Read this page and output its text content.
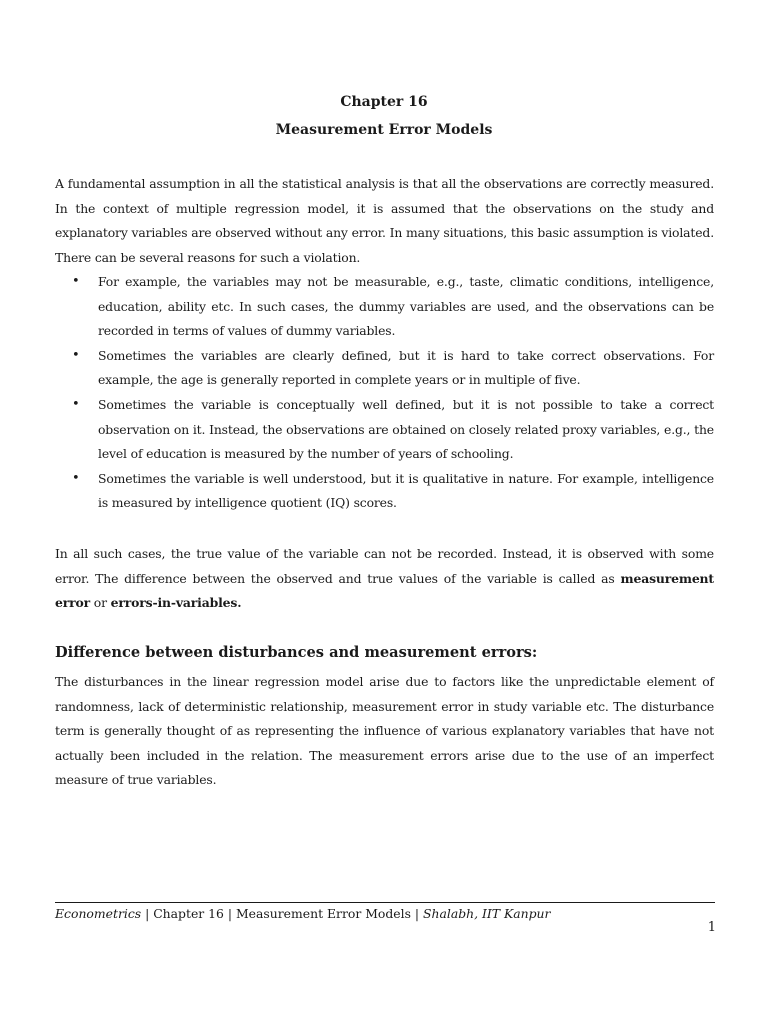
Chapter 16
Measurement Error Models

A fundamental assumption in all the statistical analysis is that all the observations are correctly measured. In the context of multiple regression model, it is assumed that the observations on the study and explanatory variables are observed without any error. In many situations, this basic assumption is violated. There can be several reasons for such a violation.

• For example, the variables may not be measurable, e.g., taste, climatic conditions, intelligence, education, ability etc. In such cases, the dummy variables are used, and the observations can be recorded in terms of values of dummy variables.
• Sometimes the variables are clearly defined, but it is hard to take correct observations. For example, the age is generally reported in complete years or in multiple of five.
• Sometimes the variable is conceptually well defined, but it is not possible to take a correct observation on it. Instead, the observations are obtained on closely related proxy variables, e.g., the level of education is measured by the number of years of schooling.
• Sometimes the variable is well understood, but it is qualitative in nature. For example, intelligence is measured by intelligence quotient (IQ) scores.

In all such cases, the true value of the variable can not be recorded. Instead, it is observed with some error. The difference between the observed and true values of the variable is called as measurement error or errors-in-variables.

Difference between disturbances and measurement errors:

The disturbances in the linear regression model arise due to factors like the unpredictable element of randomness, lack of deterministic relationship, measurement error in study variable etc. The disturbance term is generally thought of as representing the influence of various explanatory variables that have not actually been included in the relation. The measurement errors arise due to the use of an imperfect measure of true variables.

Econometrics | Chapter 16 | Measurement Error Models | Shalabh, IIT Kanpur
1
